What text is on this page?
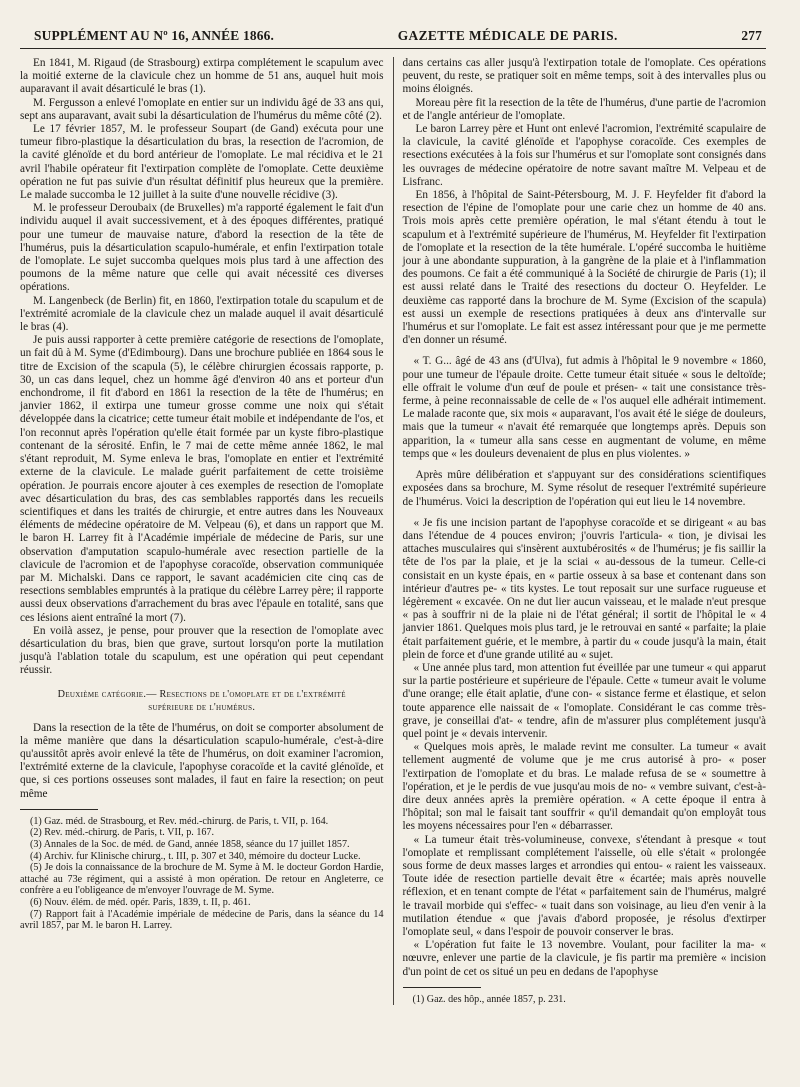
SUPPLÉMENT AU Nº 16, ANNÉE 1866.	GAZETTE MÉDICALE DE PARIS.	277

En 1841, M. Rigaud (de Strasbourg) extirpa complétement le scapulum avec la moitié externe de la clavicule chez un homme de 51 ans, auquel huit mois auparavant il avait désarticulé le bras (1).

M. Fergusson a enlevé l'omoplate en entier sur un individu âgé de 33 ans qui, sept ans auparavant, avait subi la désarticulation de l'humérus du même côté (2).

Le 17 février 1857, M. le professeur Soupart (de Gand) exécuta pour une tumeur fibro-plastique la désarticulation du bras, la resection de l'acromion, de la cavité glénoïde et du bord antérieur de l'omoplate. Le mal récidiva et le 21 avril l'habile opérateur fit l'extirpation complète de l'omoplate. Cette deuxième opération ne fut pas suivie d'un résultat définitif plus heureux que la première. Le malade succomba le 12 juillet à la suite d'une nouvelle récidive (3).

M. le professeur Deroubaix (de Bruxelles) m'a rapporté également le fait d'un individu auquel il avait successivement, et à des époques différentes, pratiqué pour une tumeur de mauvaise nature, d'abord la resection de la tête de l'humérus, puis la désarticulation scapulo-humérale, et enfin l'extirpation totale de l'omoplate. Le sujet succomba quelques mois plus tard à une affection des poumons de la même nature que celle qui avait nécessité ces diverses opérations.

M. Langenbeck (de Berlin) fit, en 1860, l'extirpation totale du scapulum et de l'extrémité acromiale de la clavicule chez un malade auquel il avait désarticulé le bras (4).

Je puis aussi rapporter à cette première catégorie de resections de l'omoplate, un fait dû à M. Syme (d'Edimbourg). Dans une brochure publiée en 1864 sous le titre de Excision of the scapula (5), le célèbre chirurgien écossais rapporte, p. 30, un cas dans lequel, chez un homme âgé d'environ 40 ans et porteur d'un enchondrome, il fit d'abord en 1861 la resection de la tête de l'humérus; en janvier 1862, il extirpa une tumeur grosse comme une noix qui s'était développée dans la cicatrice; cette tumeur était mobile et indépendante de l'os, et l'on reconnut après l'opération qu'elle était formée par un kyste fibro-plastique contenant de la sérosité. Enfin, le 7 mai de cette même année 1862, le mal s'étant reproduit, M. Syme enleva le bras, l'omoplate en entier et l'extrémité externe de la clavicule. Le malade guérit parfaitement de cette troisième opération. Je pourrais encore ajouter à ces exemples de resection de l'omoplate avec désarticulation du bras, des cas semblables rapportés dans les recueils scientifiques et dans les traités de chirurgie, et entre autres dans les Nouveaux éléments de médecine opératoire de M. Velpeau (6), et dans un rapport que M. le baron H. Larrey fit à l'Académie impériale de médecine de Paris, sur une observation d'amputation scapulo-humérale avec resection partielle de la clavicule de l'acromion et de l'apophyse coracoïde, observation communiquée par M. Michalski. Dans ce rapport, le savant académicien cite cinq cas de resections semblables empruntés à la pratique du célèbre Larrey père; il rapporte aussi deux observations d'arrachement du bras avec l'épaule en totalité, sans que ces lésions aient entraîné la mort (7).

En voilà assez, je pense, pour prouver que la resection de l'omoplate avec désarticulation du bras, bien que grave, surtout lorsqu'on porte la mutilation jusqu'à l'ablation totale du scapulum, est une opération qui peut cependant réussir.

Deuxième catégorie.— Resections de l'omoplate et de l'extrémité
supérieure de l'humérus.

Dans la resection de la tête de l'humérus, on doit se comporter absolument de la même manière que dans la désarticulation scapulo-humérale, c'est-à-dire qu'aussitôt après avoir enlevé la tête de l'humérus, on doit examiner l'acromion, l'extrémité externe de la clavicule, l'apophyse coracoïde et la cavité glénoïde, et que, si ces portions osseuses sont malades, il faut en faire la resection; on peut même

(1) Gaz. méd. de Strasbourg, et Rev. méd.-chirurg. de Paris, t. VII, p. 164.

(2) Rev. méd.-chirurg. de Paris, t. VII, p. 167.

(3) Annales de la Soc. de méd. de Gand, année 1858, séance du 17 juillet 1857.

(4) Archiv. fur Klinische chirurg., t. III, p. 307 et 340, mémoire du docteur Lucke.

(5) Je dois la connaissance de la brochure de M. Syme à M. le docteur Gordon Hardie, attaché au 73e régiment, qui a assisté à mon opération. De retour en Angleterre, ce confrère a eu l'obligeance de m'envoyer l'ouvrage de M. Syme.

(6) Nouv. élém. de méd. opér. Paris, 1839, t. II, p. 461.

(7) Rapport fait à l'Académie impériale de médecine de Paris, dans la séance du 14 avril 1857, par M. le baron H. Larrey.

dans certains cas aller jusqu'à l'extirpation totale de l'omoplate. Ces opérations peuvent, du reste, se pratiquer soit en même temps, soit à des intervalles plus ou moins éloignés.

Moreau père fit la resection de la tête de l'humérus, d'une partie de l'acromion et de l'angle antérieur de l'omoplate.

Le baron Larrey père et Hunt ont enlevé l'acromion, l'extrémité scapulaire de la clavicule, la cavité glénoïde et l'apophyse coracoïde. Ces exemples de resections exécutées à la fois sur l'humérus et sur l'omoplate sont consignés dans les ouvrages de médecine opératoire de notre savant maître M. Velpeau et de Lisfranc.

En 1856, à l'hôpital de Saint-Pétersbourg, M. J. F. Heyfelder fit d'abord la resection de l'épine de l'omoplate pour une carie chez un homme de 40 ans. Trois mois après cette première opération, le mal s'étant étendu à tout le scapulum et à l'extrémité supérieure de l'humérus, M. Heyfelder fit l'extirpation de l'omoplate et la resection de la tête humérale. L'opéré succomba le huitième jour à une abondante suppuration, à la gangrène de la plaie et à l'inflammation des poumons. Ce fait a été communiqué à la Société de chirurgie de Paris (1); il est aussi relaté dans le Traité des resections du docteur O. Heyfelder. Le deuxième cas rapporté dans la brochure de M. Syme (Excision of the scapula) est aussi un exemple de resections pratiquées à deux ans d'intervalle sur l'humérus et sur l'omoplate. Le fait est assez intéressant pour que je me permette d'en donner un résumé.

« T. G... âgé de 43 ans (d'Ulva), fut admis à l'hôpital le 9 novembre « 1860, pour une tumeur de l'épaule droite. Cette tumeur était située « sous le deltoïde; elle offrait le volume d'un œuf de poule et présen- « tait une consistance très-ferme, à peine reconnaissable de celle de « l'os auquel elle adhérait intimement. Le malade raconte que, six mois « auparavant, l'os avait été le siége de douleurs, mais que la tumeur « n'avait été remarquée que longtemps après. Depuis son apparition, la « tumeur alla sans cesse en augmentant de volume, en même temps que « les douleurs devenaient de plus en plus violentes. »

Après mûre délibération et s'appuyant sur des considérations scientifiques exposées dans sa brochure, M. Syme résolut de resequer l'extrémité supérieure de l'humérus. Voici la description de l'opération qui eut lieu le 14 novembre.

« Je fis une incision partant de l'apophyse coracoïde et se dirigeant « au bas dans l'étendue de 4 pouces environ; j'ouvris l'articula- « tion, je divisai les attaches musculaires qui s'insèrent auxtubérosités « de l'humérus; je fis saillir la tête de l'os par la plaie, et je la sciai « au-dessous de la tumeur. Celle-ci consistait en un kyste épais, en « partie osseux à sa base et contenant dans son intérieur d'autres pe- « tits kystes. Le tout reposait sur une surface rugueuse et légèrement « excavée. On ne dut lier aucun vaisseau, et le malade n'eut presque « pas à souffrir ni de la plaie ni de l'état général; il sortit de l'hôpital le « 4 janvier 1861. Quelques mois plus tard, je le retrouvai en santé « parfaite; la plaie était parfaitement guérie, et le membre, à partir du « coude jusqu'à la main, était plein de force et d'une grande utilité au « sujet.

« Une année plus tard, mon attention fut éveillée par une tumeur « qui apparut sur la partie postérieure et supérieure de l'épaule. Cette « tumeur avait le volume d'une orange; elle était aplatie, d'une con- « sistance ferme et élastique, et selon toute apparence elle naissait de « l'omoplate. Considérant le cas comme très-grave, je conseillai d'at- « tendre, afin de m'assurer plus complétement jusqu'à quel point je « devais intervenir.

« Quelques mois après, le malade revint me consulter. La tumeur « avait tellement augmenté de volume que je me crus autorisé à pro- « poser l'extirpation de l'omoplate et du bras. Le malade refusa de se « soumettre à l'opération, et je le perdis de vue jusqu'au mois de no- « vembre suivant, c'est-à-dire deux années après la première opération. « A cette époque il entra à l'hôpital; son mal le faisait tant souffrir « qu'il demandait qu'on employât tous les moyens nécessaires pour l'en « débarrasser.

« La tumeur était très-volumineuse, convexe, s'étendant à presque « tout l'omoplate et remplissant complétement l'aisselle, où elle s'était « prolongée sous forme de deux masses larges et arrondies qui entou- « raient les vaisseaux. Toute idée de resection partielle devait être « écartée; mais après nouvelle réflexion, et en tenant compte de l'état « parfaitement sain de l'humérus, malgré le travail morbide qui s'effec- « tuait dans son voisinage, au lieu d'en venir à la mutilation étendue « que j'avais d'abord proposée, je résolus d'extirper l'omoplate seul, « dans l'espoir de pouvoir conserver le bras.

« L'opération fut faite le 13 novembre. Voulant, pour faciliter la ma- « nœuvre, enlever une partie de la clavicule, je fis partir ma première « incision d'un point de cet os situé un peu en dedans de l'apophyse

(1) Gaz. des hôp., année 1857, p. 231.
